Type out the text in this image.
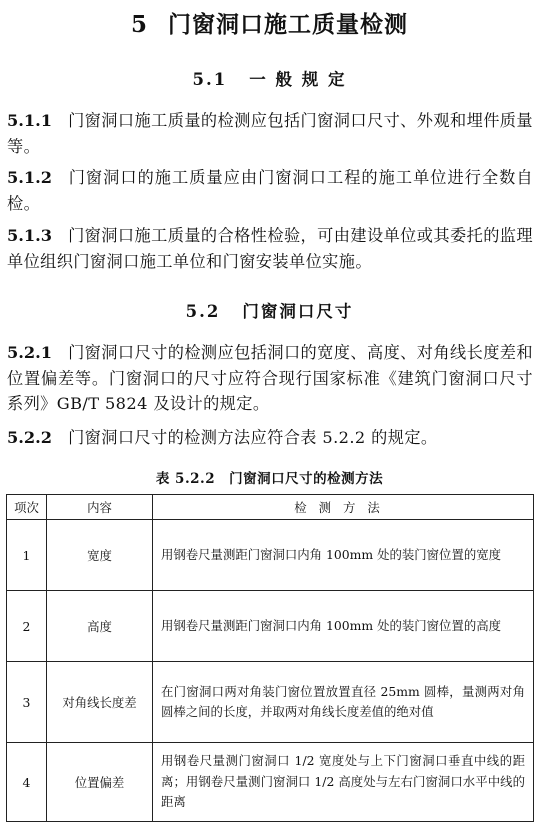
5 门窗洞口施工质量检测
5.1 一 般 规 定
5.1.1 门窗洞口施工质量的检测应包括门窗洞口尺寸、外观和埋件质量等。
5.1.2 门窗洞口的施工质量应由门窗洞口工程的施工单位进行全数自检。
5.1.3 门窗洞口施工质量的合格性检验，可由建设单位或其委托的监理单位组织门窗洞口施工单位和门窗安装单位实施。
5.2 门窗洞口尺寸
5.2.1 门窗洞口尺寸的检测应包括洞口的宽度、高度、对角线长度差和位置偏差等。门窗洞口的尺寸应符合现行国家标准《建筑门窗洞口尺寸系列》GB/T 5824 及设计的规定。
5.2.2 门窗洞口尺寸的检测方法应符合表 5.2.2 的规定。
表 5.2.2 门窗洞口尺寸的检测方法
项次	内容	检测方法
1	宽度	用钢卷尺量测距门窗洞口内角 100mm 处的装门窗位置的宽度
2	高度	用钢卷尺量测距门窗洞口内角 100mm 处的装门窗位置的高度
3	对角线长度差	在门窗洞口两对角装门窗位置放置直径 25mm 圆棒，量测两对角圆棒之间的长度，并取两对角线长度差值的绝对值
4	位置偏差	用钢卷尺量测门窗洞口 1/2 宽度处与上下门窗洞口垂直中线的距离；用钢卷尺量测门窗洞口 1/2 高度处与左右门窗洞口水平中线的距离
